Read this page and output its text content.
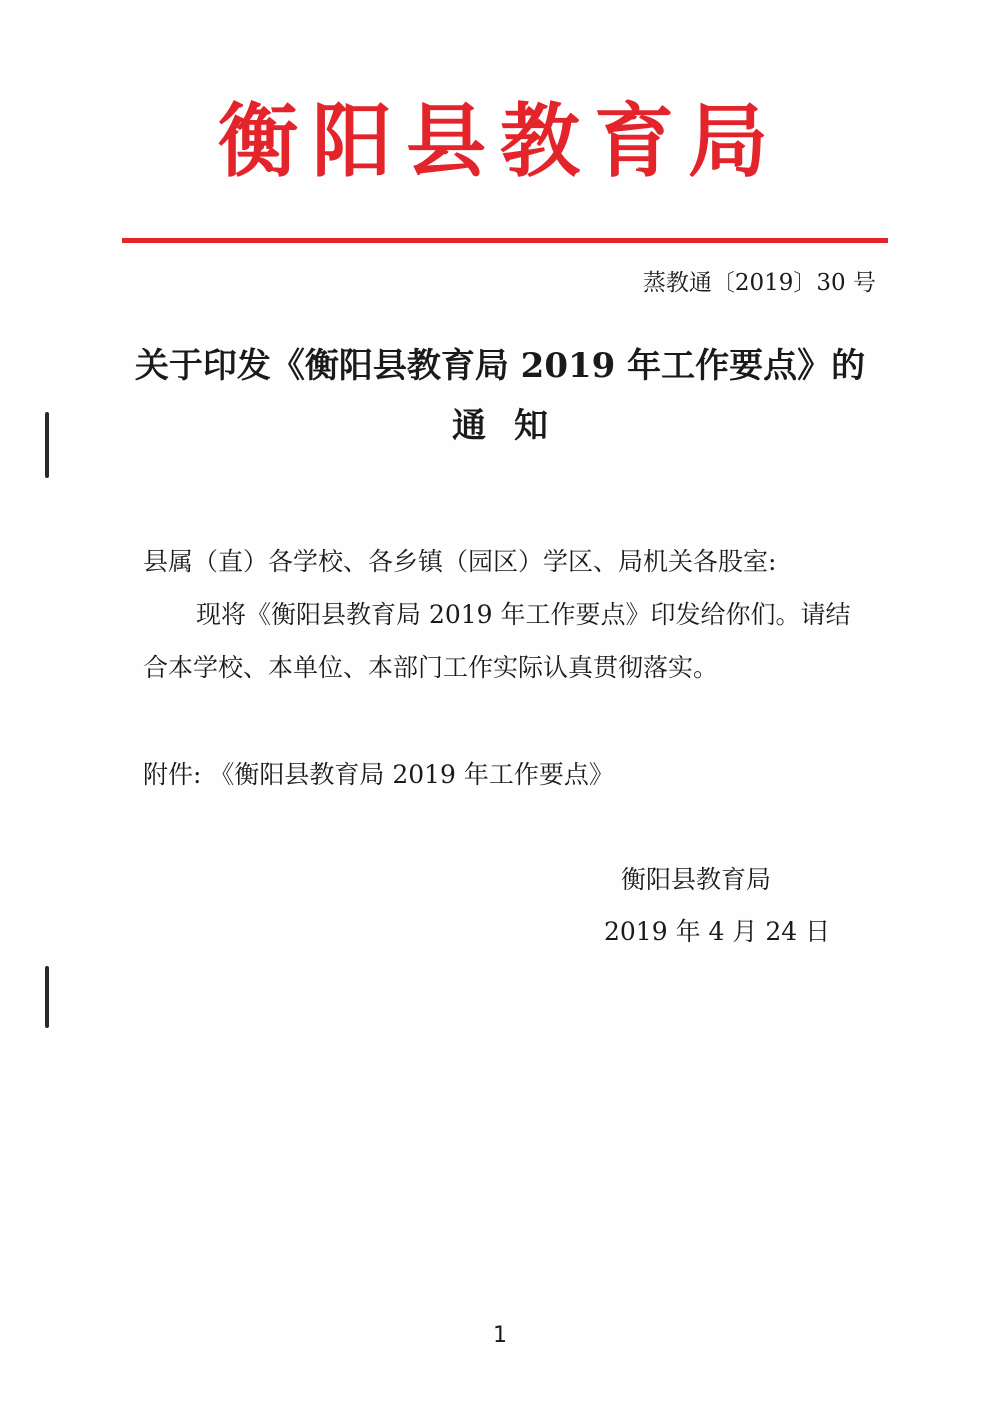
衡阳县教育局
蒸教通〔2019〕30 号
关于印发《衡阳县教育局 2019 年工作要点》的
通知
县属（直）各学校、各乡镇（园区）学区、局机关各股室:
现将《衡阳县教育局 2019 年工作要点》印发给你们。请结
合本学校、本单位、本部门工作实际认真贯彻落实。
附件: 《衡阳县教育局 2019 年工作要点》
衡阳县教育局
2019 年 4 月 24 日
1
